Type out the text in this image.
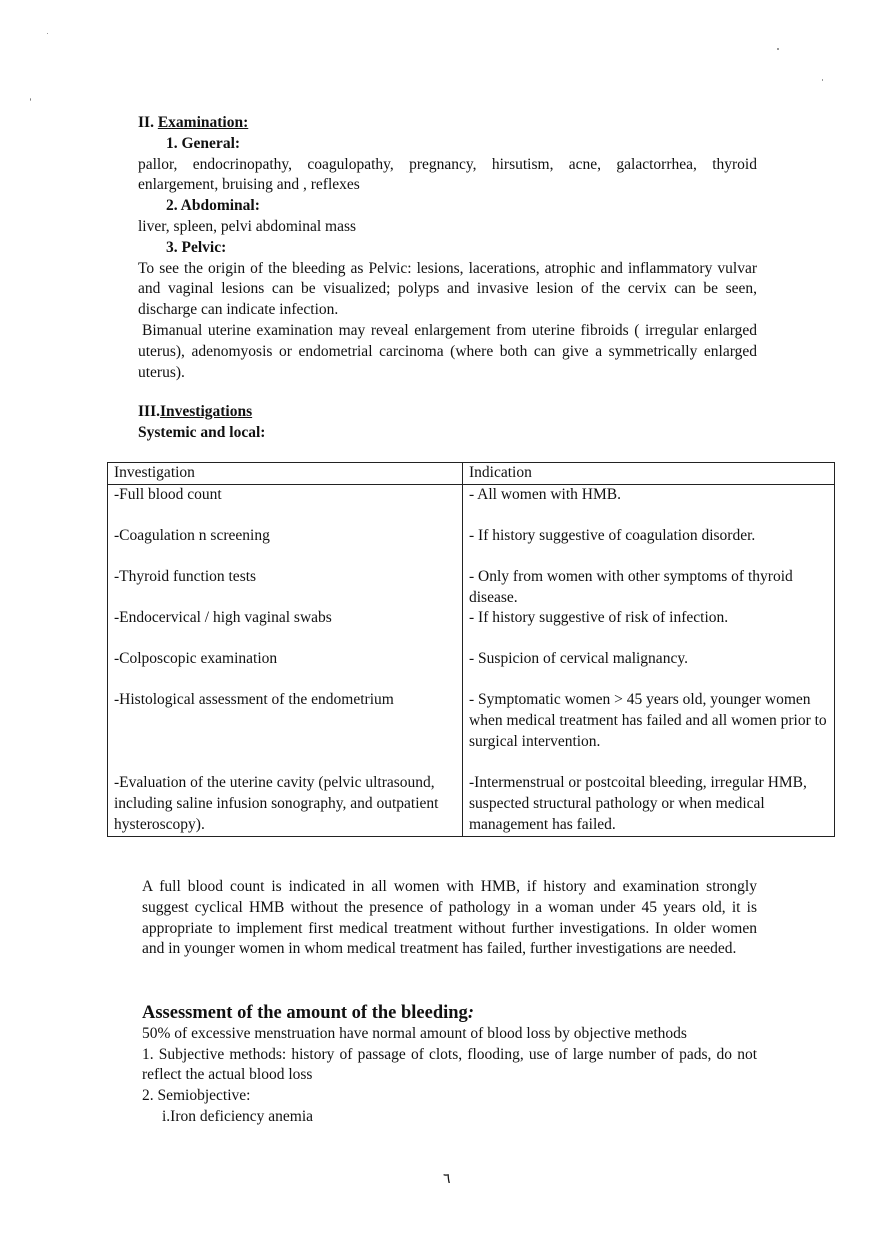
II. Examination:
1. General:

pallor, endocrinopathy, coagulopathy, pregnancy, hirsutism, acne, galactorrhea, thyroid enlargement, bruising and , reflexes

2. Abdominal:

liver, spleen, pelvi abdominal mass

3. Pelvic:

To see the origin of the bleeding as Pelvic: lesions, lacerations, atrophic and inflammatory vulvar and vaginal lesions can be visualized; polyps and invasive lesion of the cervix can be seen, discharge can indicate infection.

Bimanual uterine examination may reveal enlargement from uterine fibroids ( irregular enlarged uterus), adenomyosis or endometrial carcinoma (where both can give a symmetrically enlarged uterus).

III.Investigations
Systemic and local:
Investigation	Indication
-Full blood count	- All women with HMB.
-Coagulation n screening	- If history suggestive of coagulation disorder.
-Thyroid function tests	- Only from women with other symptoms of thyroid disease.
-Endocervical / high vaginal swabs	- If history suggestive of risk of infection.
-Colposcopic examination	- Suspicion of cervical malignancy.
-Histological assessment of the endometrium	- Symptomatic women > 45 years old, younger women when medical treatment has failed and all women prior to surgical intervention.
-Evaluation of the uterine cavity (pelvic ultrasound, including saline infusion sonography, and outpatient hysteroscopy).	-Intermenstrual or postcoital bleeding, irregular HMB, suspected structural pathology or when medical management has failed.

A full blood count is indicated in all women with HMB, if history and examination strongly suggest cyclical HMB without the presence of pathology in a woman under 45 years old, it is appropriate to implement first medical treatment without further investigations. In older women and in younger women in whom medical treatment has failed, further investigations are needed.

Assessment of the amount of the bleeding:

50% of excessive menstruation have normal amount of blood loss by objective methods

1. Subjective methods: history of passage of clots, flooding, use of large number of pads, do not reflect the actual blood loss

2. Semiobjective:

i.Iron deficiency anemia

٦
